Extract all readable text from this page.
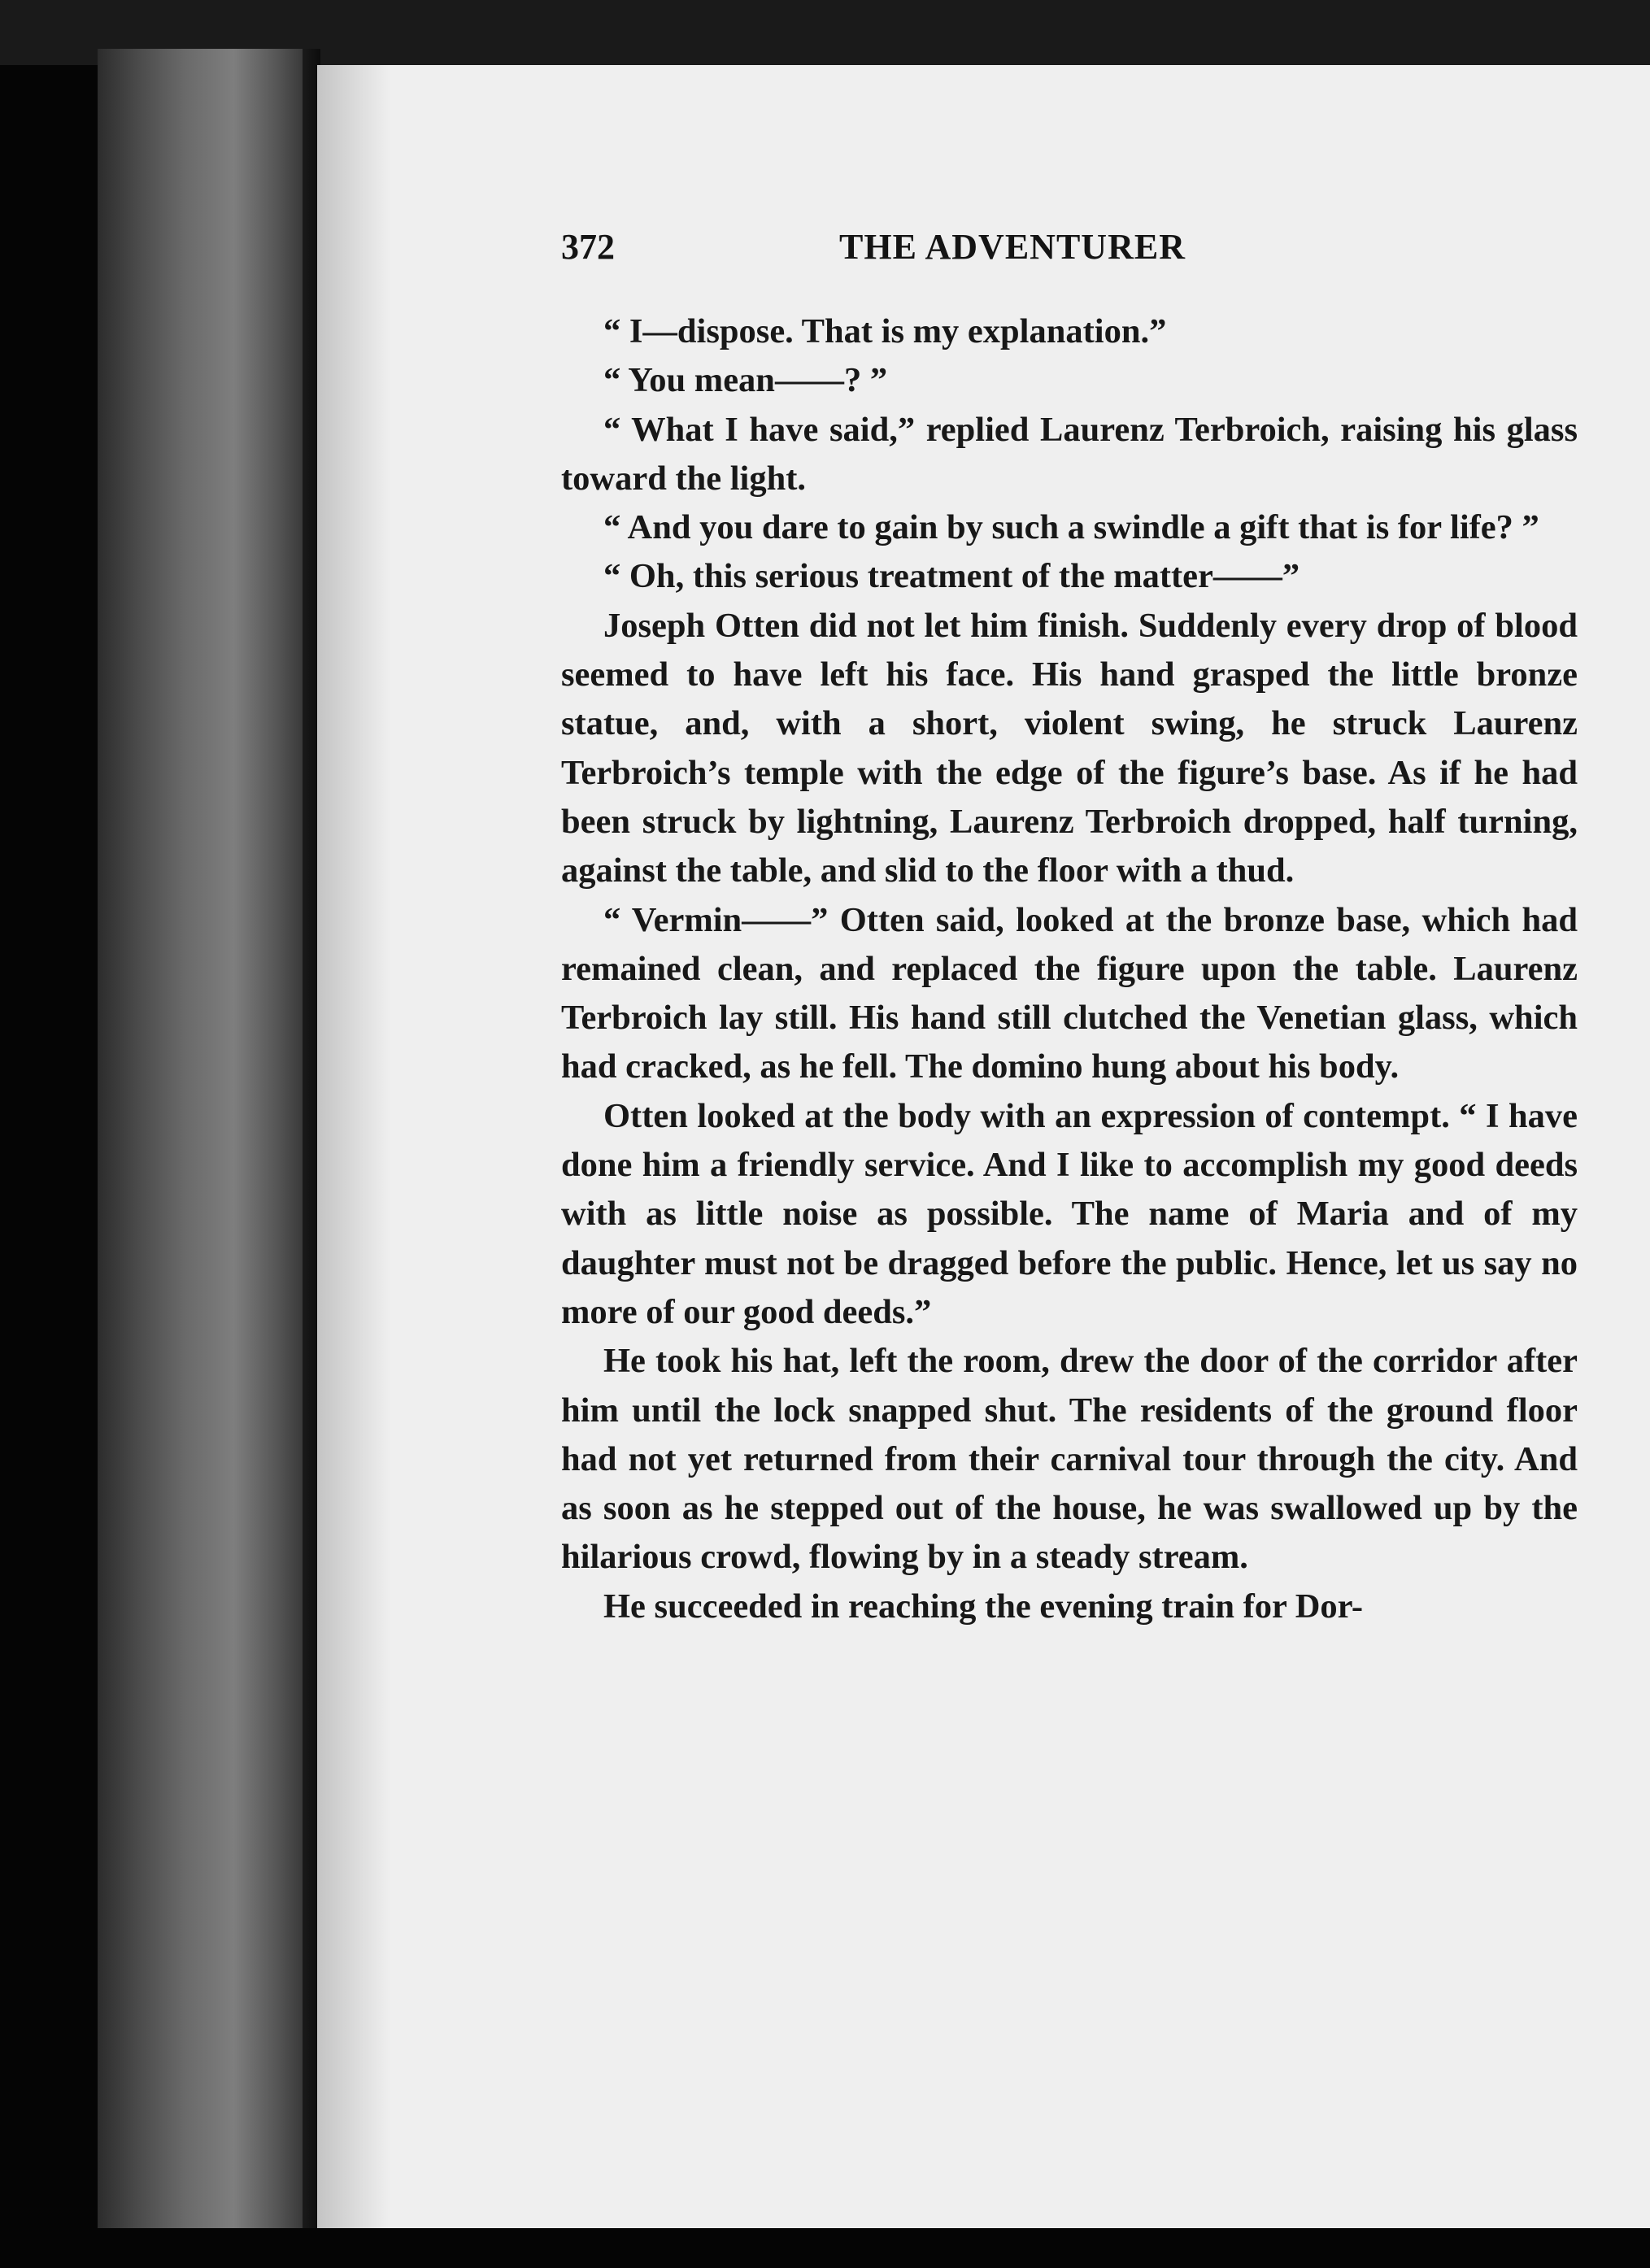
372	THE ADVENTURER

“ I—dispose. That is my explanation.”

“ You mean——? ”

“ What I have said,” replied Laurenz Terbroich, raising his glass toward the light.

“ And you dare to gain by such a swindle a gift that is for life? ”

“ Oh, this serious treatment of the matter——”

Joseph Otten did not let him finish. Suddenly every drop of blood seemed to have left his face. His hand grasped the little bronze statue, and, with a short, violent swing, he struck Laurenz Terbroich’s temple with the edge of the figure’s base. As if he had been struck by lightning, Laurenz Terbroich dropped, half turning, against the table, and slid to the floor with a thud.

“ Vermin——” Otten said, looked at the bronze base, which had remained clean, and replaced the figure upon the table. Laurenz Terbroich lay still. His hand still clutched the Venetian glass, which had cracked, as he fell. The domino hung about his body.

Otten looked at the body with an expression of contempt. “ I have done him a friendly service. And I like to accomplish my good deeds with as little noise as possible. The name of Maria and of my daughter must not be dragged before the public. Hence, let us say no more of our good deeds.”

He took his hat, left the room, drew the door of the corridor after him until the lock snapped shut. The residents of the ground floor had not yet returned from their carnival tour through the city. And as soon as he stepped out of the house, he was swallowed up by the hilarious crowd, flowing by in a steady stream.

He succeeded in reaching the evening train for Dor-
